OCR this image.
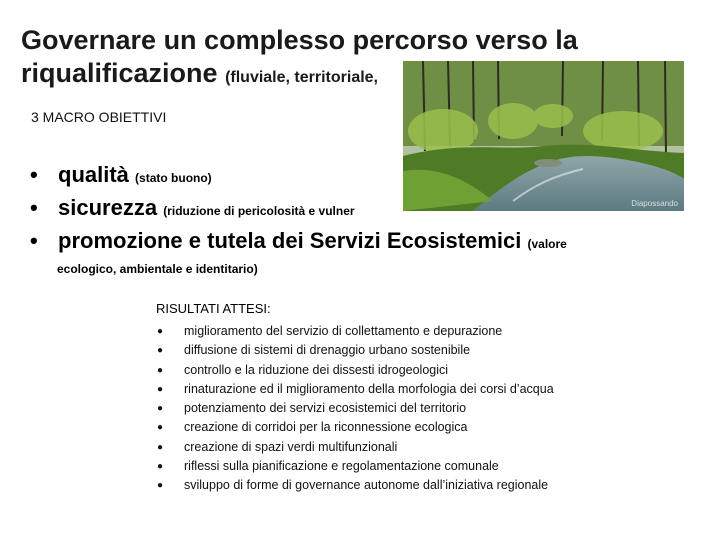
Governare un complesso percorso verso la
riqualificazione (fluviale, territoriale,
Diapossando
3 MACRO OBIETTIVI
• qualità (stato buono)
• sicurezza (riduzione di pericolosità e vulner
• promozione e tutela dei Servizi Ecosistemici (valore
ecologico, ambientale e identitario)
RISULTATI ATTESI:
● miglioramento del servizio di collettamento e depurazione
● diffusione di sistemi di drenaggio urbano sostenibile
● controllo e la riduzione dei dissesti idrogeologici
● rinaturazione ed il miglioramento della morfologia dei corsi d’acqua
● potenziamento dei servizi ecosistemici del territorio
● creazione di corridoi per la riconnessione ecologica
● creazione di spazi verdi multifunzionali
● riflessi sulla pianificazione e regolamentazione comunale
● sviluppo di forme di governance autonome dall’iniziativa regionale
